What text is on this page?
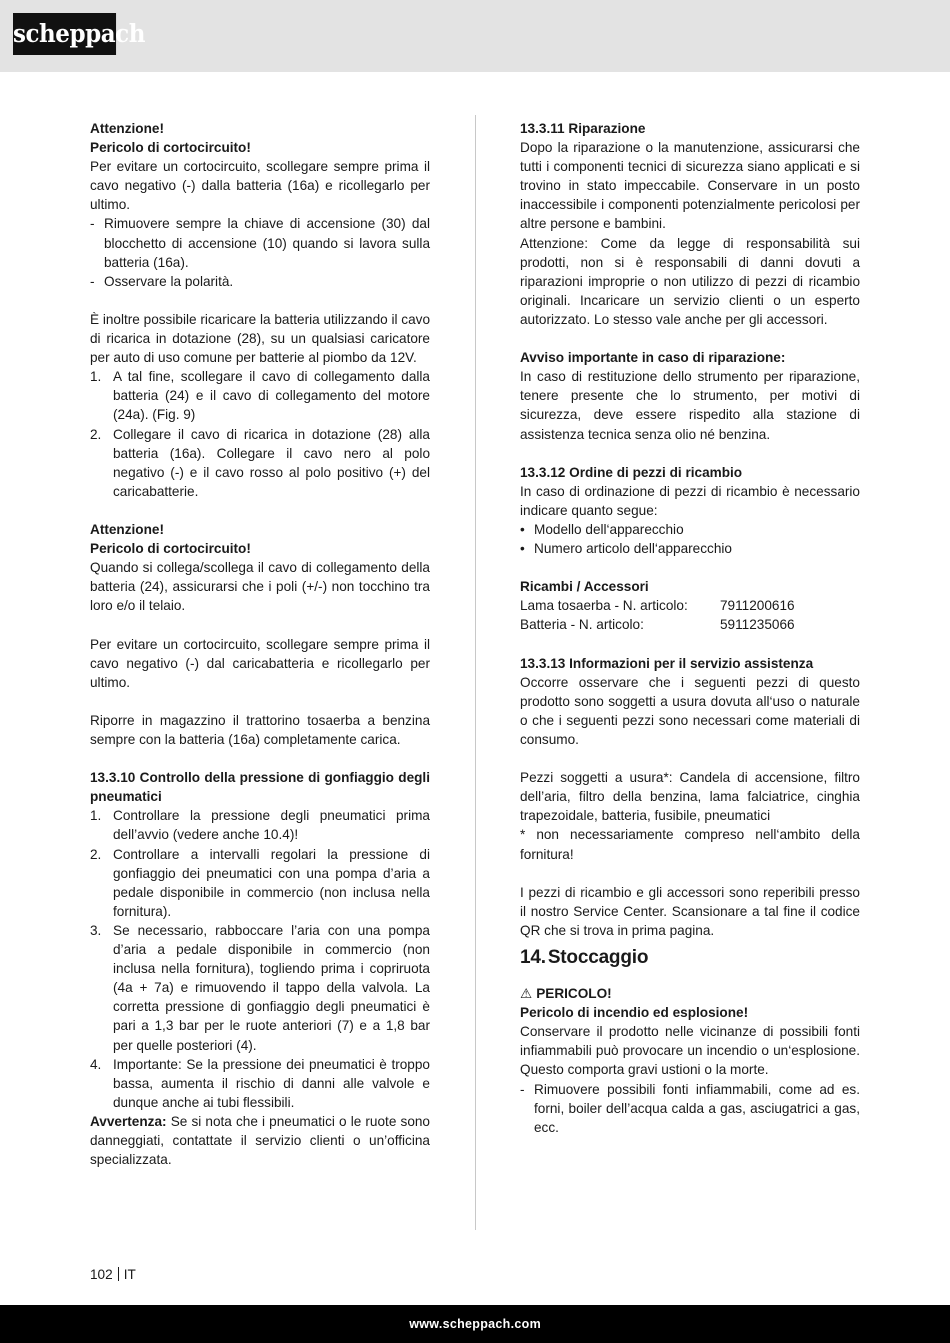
scheppach
Attenzione!
Pericolo di cortocircuito!
Per evitare un cortocircuito, scollegare sempre prima il cavo negativo (-) dalla batteria (16a) e ricollegarlo per ultimo.
- Rimuovere sempre la chiave di accensione (30) dal blocchetto di accensione (10) quando si lavora sulla batteria (16a).
- Osservare la polarità.
È inoltre possibile ricaricare la batteria utilizzando il cavo di ricarica in dotazione (28), su un qualsiasi caricatore per auto di uso comune per batterie al piombo da 12V.
1. A tal fine, scollegare il cavo di collegamento dalla batteria (24) e il cavo di collegamento del motore (24a). (Fig. 9)
2. Collegare il cavo di ricarica in dotazione (28) alla batteria (16a). Collegare il cavo nero al polo negativo (-) e il cavo rosso al polo positivo (+) del caricabatterie.
Attenzione!
Pericolo di cortocircuito!
Quando si collega/scollega il cavo di collegamento della batteria (24), assicurarsi che i poli (+/-) non tocchino tra loro e/o il telaio.
Per evitare un cortocircuito, scollegare sempre prima il cavo negativo (-) dal caricabatteria e ricollegarlo per ultimo.
Riporre in magazzino il trattorino tosaerba a benzina sempre con la batteria (16a) completamente carica.
13.3.10 Controllo della pressione di gonfiaggio degli pneumatici
1. Controllare la pressione degli pneumatici prima dell’avvio (vedere anche 10.4)!
2. Controllare a intervalli regolari la pressione di gonfiaggio dei pneumatici con una pompa d’aria a pedale disponibile in commercio (non inclusa nella fornitura).
3. Se necessario, rabboccare l’aria con una pompa d’aria a pedale disponibile in commercio (non inclusa nella fornitura), togliendo prima i copriruota (4a + 7a) e rimuovendo il tappo della valvola. La corretta pressione di gonfiaggio degli pneumatici è pari a 1,3 bar per le ruote anteriori (7) e a 1,8 bar per quelle posteriori (4).
4. Importante: Se la pressione dei pneumatici è troppo bassa, aumenta il rischio di danni alle valvole e dunque anche ai tubi flessibili.
Avvertenza: Se si nota che i pneumatici o le ruote sono danneggiati, contattate il servizio clienti o un’officina specializzata.
13.3.11 Riparazione
Dopo la riparazione o la manutenzione, assicurarsi che tutti i componenti tecnici di sicurezza siano applicati e si trovino in stato impeccabile. Conservare in un posto inaccessibile i componenti potenzialmente pericolosi per altre persone e bambini.
Attenzione: Come da legge di responsabilità sui prodotti, non si è responsabili di danni dovuti a riparazioni improprie o non utilizzo di pezzi di ricambio originali. Incaricare un servizio clienti o un esperto autorizzato. Lo stesso vale anche per gli accessori.
Avviso importante in caso di riparazione:
In caso di restituzione dello strumento per riparazione, tenere presente che lo strumento, per motivi di sicurezza, deve essere rispedito alla stazione di assistenza tecnica senza olio né benzina.
13.3.12 Ordine di pezzi di ricambio
In caso di ordinazione di pezzi di ricambio è necessario indicare quanto segue:
• Modello dell‘apparecchio
• Numero articolo dell‘apparecchio
Ricambi / Accessori
Lama tosaerba - N. articolo:	7911200616
Batteria - N. articolo:	5911235066
13.3.13 Informazioni per il servizio assistenza
Occorre osservare che i seguenti pezzi di questo prodotto sono soggetti a usura dovuta all‘uso o naturale o che i seguenti pezzi sono necessari come materiali di consumo.
Pezzi soggetti a usura*: Candela di accensione, filtro dell’aria, filtro della benzina, lama falciatrice, cinghia trapezoidale, batteria, fusibile, pneumatici
* non necessariamente compreso nell‘ambito della fornitura!
I pezzi di ricambio e gli accessori sono reperibili presso il nostro Service Center. Scansionare a tal fine il codice QR che si trova in prima pagina.
14. Stoccaggio
⚠ PERICOLO!
Pericolo di incendio ed esplosione!
Conservare il prodotto nelle vicinanze di possibili fonti infiammabili può provocare un incendio o un‘esplosione. Questo comporta gravi ustioni o la morte.
- Rimuovere possibili fonti infiammabili, come ad es. forni, boiler dell’acqua calda a gas, asciugatrici a gas, ecc.
102 IT
www.scheppach.com
